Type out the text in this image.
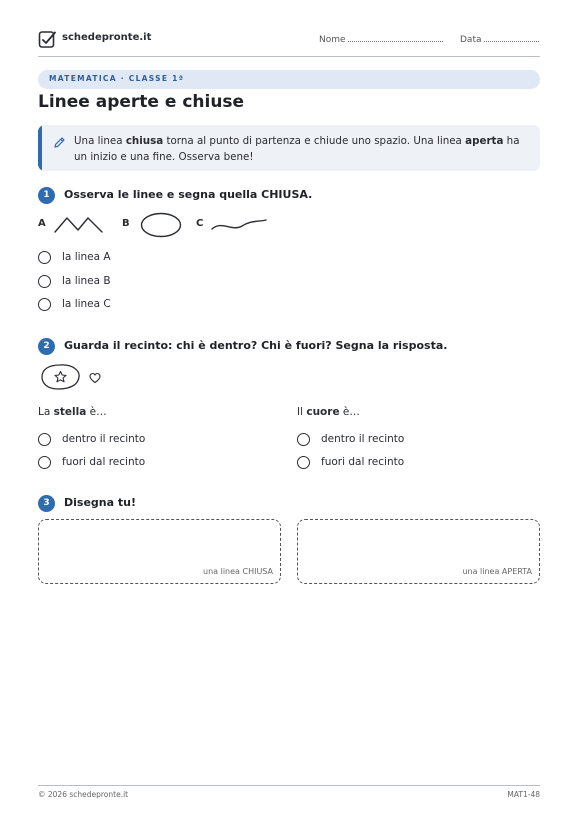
schedepronte.it	Nome	Data
MATEMATICA · CLASSE 1ª
Linee aperte e chiuse
Una linea chiusa torna al punto di partenza e chiude uno spazio. Una linea aperta ha un inizio e una fine. Osserva bene!
1	Osserva le linee e segna quella CHIUSA.
A	B	C
la linea A
la linea B
la linea C
2	Guarda il recinto: chi è dentro? Chi è fuori? Segna la risposta.
La stella è…
dentro il recinto
fuori dal recinto
Il cuore è…
dentro il recinto
fuori dal recinto
3	Disegna tu!
una linea CHIUSA	una linea APERTA
© 2026 schedepronte.it	MAT1-48
